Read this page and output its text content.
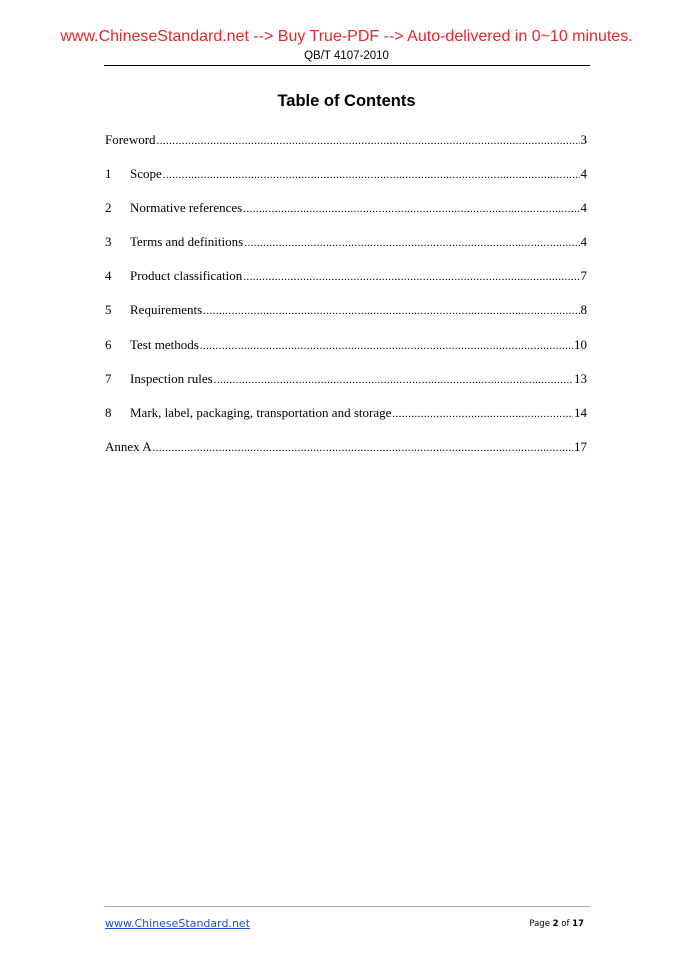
www.ChineseStandard.net --> Buy True-PDF --> Auto-delivered in 0~10 minutes.
QB/T 4107-2010
Table of Contents
Foreword .....	3
1	Scope .....	4
2	Normative references .....	4
3	Terms and definitions .....	4
4	Product classification .....	7
5	Requirements .....	8
6	Test methods .....	10
7	Inspection rules .....	13
8	Mark, label, packaging, transportation and storage .....	14
Annex A .....	17
www.ChineseStandard.net	Page 2 of 17
